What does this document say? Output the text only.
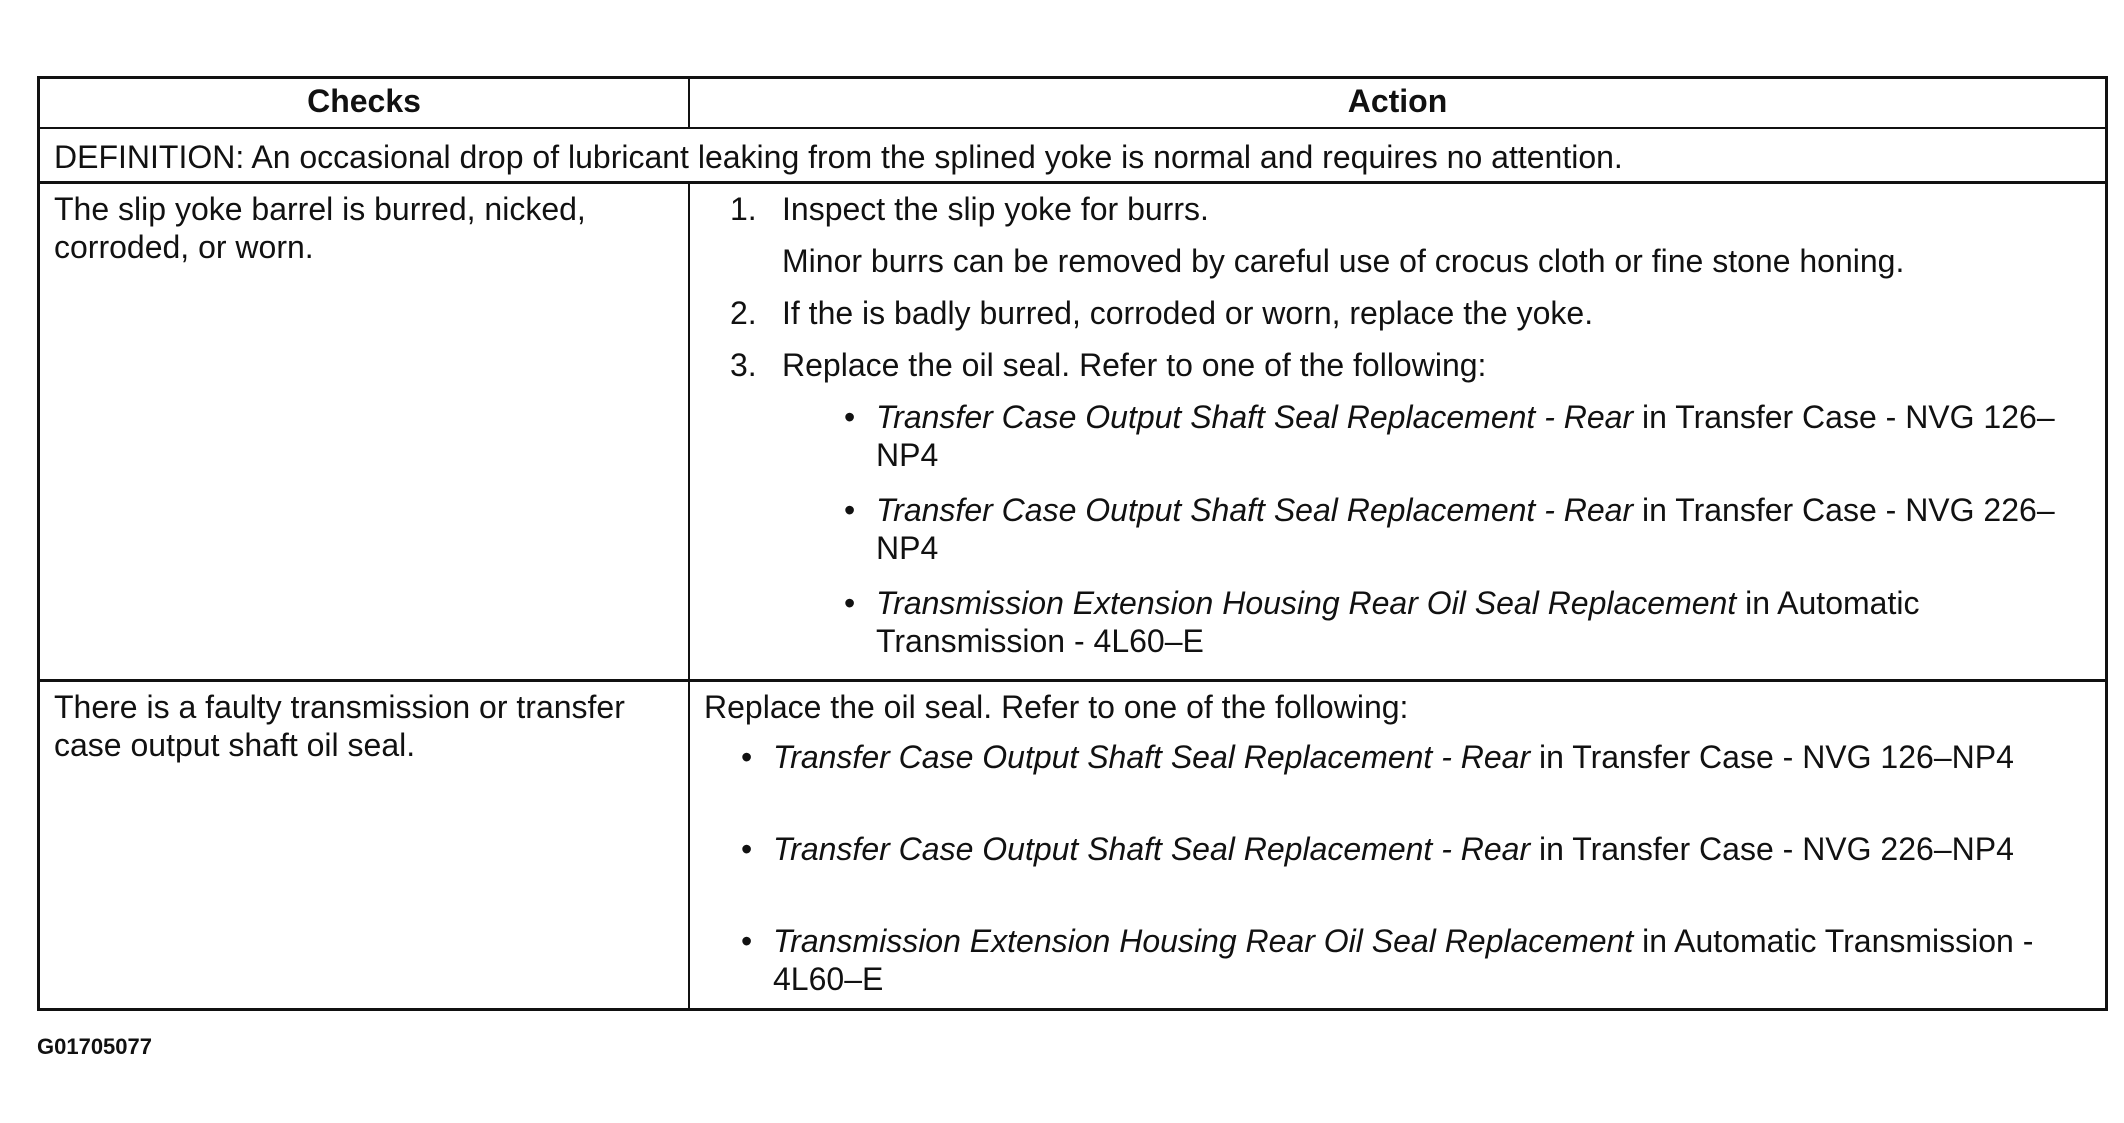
Checks	Action
DEFINITION: An occasional drop of lubricant leaking from the splined yoke is normal and requires no attention.
The slip yoke barrel is burred, nicked, corroded, or worn.
1. Inspect the slip yoke for burrs.
Minor burrs can be removed by careful use of crocus cloth or fine stone honing.
2. If the is badly burred, corroded or worn, replace the yoke.
3. Replace the oil seal. Refer to one of the following:
• Transfer Case Output Shaft Seal Replacement - Rear in Transfer Case - NVG 126–NP4
• Transfer Case Output Shaft Seal Replacement - Rear in Transfer Case - NVG 226–NP4
• Transmission Extension Housing Rear Oil Seal Replacement in Automatic Transmission - 4L60–E
There is a faulty transmission or transfer case output shaft oil seal.
Replace the oil seal. Refer to one of the following:
• Transfer Case Output Shaft Seal Replacement - Rear in Transfer Case - NVG 126–NP4
• Transfer Case Output Shaft Seal Replacement - Rear in Transfer Case - NVG 226–NP4
• Transmission Extension Housing Rear Oil Seal Replacement in Automatic Transmission - 4L60–E
G01705077
